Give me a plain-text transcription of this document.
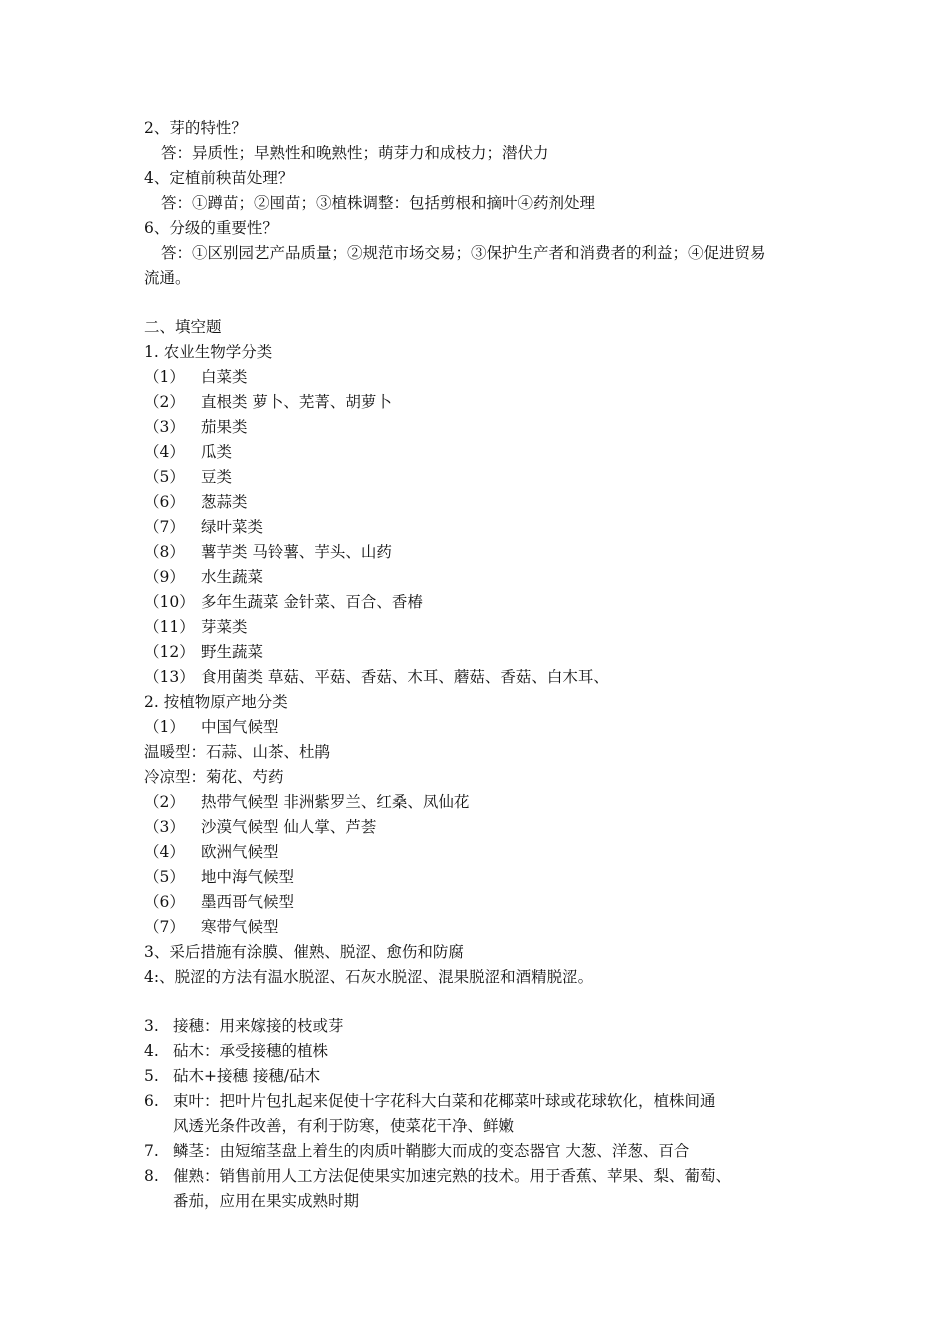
2、芽的特性？
答：异质性；早熟性和晚熟性；萌芽力和成枝力；潜伏力
4、定植前秧苗处理？
答：①蹲苗；②囤苗；③植株调整：包括剪根和摘叶④药剂处理
6、分级的重要性？
答：①区别园艺产品质量；②规范市场交易；③保护生产者和消费者的利益；④促进贸易
流通。
二、填空题
1. 农业生物学分类
（1） 白菜类
（2） 直根类 萝卜、芜菁、胡萝卜
（3） 茄果类
（4） 瓜类
（5） 豆类
（6） 葱蒜类
（7） 绿叶菜类
（8） 薯芋类 马铃薯、芋头、山药
（9） 水生蔬菜
（10） 多年生蔬菜 金针菜、百合、香椿
（11） 芽菜类
（12） 野生蔬菜
（13） 食用菌类 草菇、平菇、香菇、木耳、蘑菇、香菇、白木耳、
2. 按植物原产地分类
（1） 中国气候型
温暖型：石蒜、山茶、杜鹃
冷凉型：菊花、芍药
（2） 热带气候型 非洲紫罗兰、红桑、凤仙花
（3） 沙漠气候型 仙人掌、芦荟
（4） 欧洲气候型
（5） 地中海气候型
（6） 墨西哥气候型
（7） 寒带气候型
3、采后措施有涂膜、催熟、脱涩、愈伤和防腐
4:、脱涩的方法有温水脱涩、石灰水脱涩、混果脱涩和酒精脱涩。
3. 接穗：用来嫁接的枝或芽
4. 砧木：承受接穗的植株
5. 砧木+接穗 接穗/砧木
6. 束叶：把叶片包扎起来促使十字花科大白菜和花椰菜叶球或花球软化，植株间通
风透光条件改善，有利于防寒，使菜花干净、鲜嫩
7. 鳞茎：由短缩茎盘上着生的肉质叶鞘膨大而成的变态器官 大葱、洋葱、百合
8. 催熟：销售前用人工方法促使果实加速完熟的技术。用于香蕉、苹果、梨、葡萄、
番茄，应用在果实成熟时期
